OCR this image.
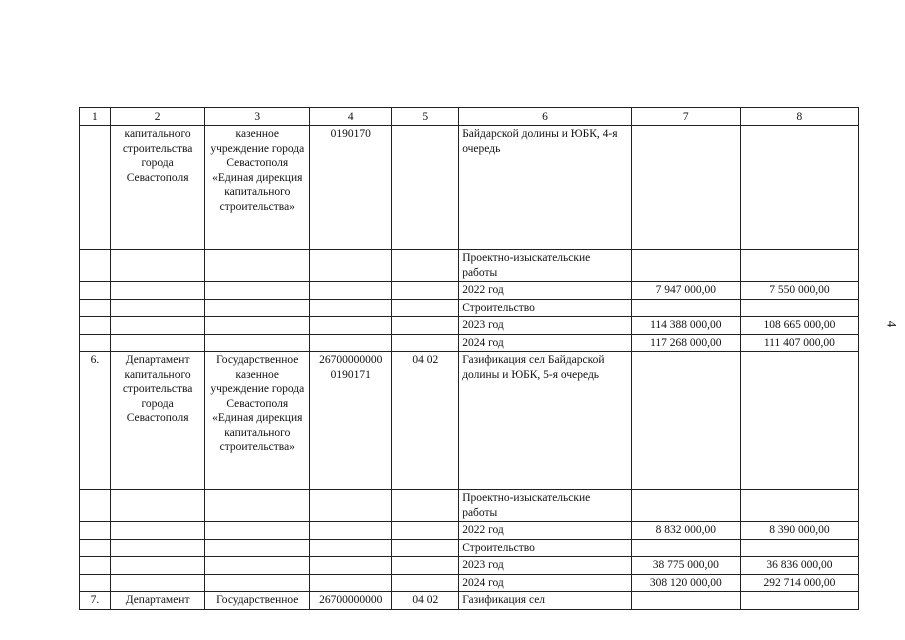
1	2	3	4	5	6	7	8
	капитального строительства города Севастополя	казенное учреждение города Севастополя «Единая дирекция капитального строительства»	0190170		Байдарской долины и ЮБК, 4-я очередь		
					Проектно-изыскательские работы		
					2022 год	7 947 000,00	7 550 000,00
					Строительство		
					2023 год	114 388 000,00	108 665 000,00
					2024 год	117 268 000,00	111 407 000,00
6.	Департамент капитального строительства города Севастополя	Государственное казенное учреждение города Севастополя «Единая дирекция капитального строительства»	26700000000 0190171	04 02	Газификация сел Байдарской долины и ЮБК, 5-я очередь		
					Проектно-изыскательские работы		
					2022 год	8 832 000,00	8 390 000,00
					Строительство		
					2023 год	38 775 000,00	36 836 000,00
					2024 год	308 120 000,00	292 714 000,00
7.	Департамент	Государственное	26700000000	04 02	Газификация сел		
4
